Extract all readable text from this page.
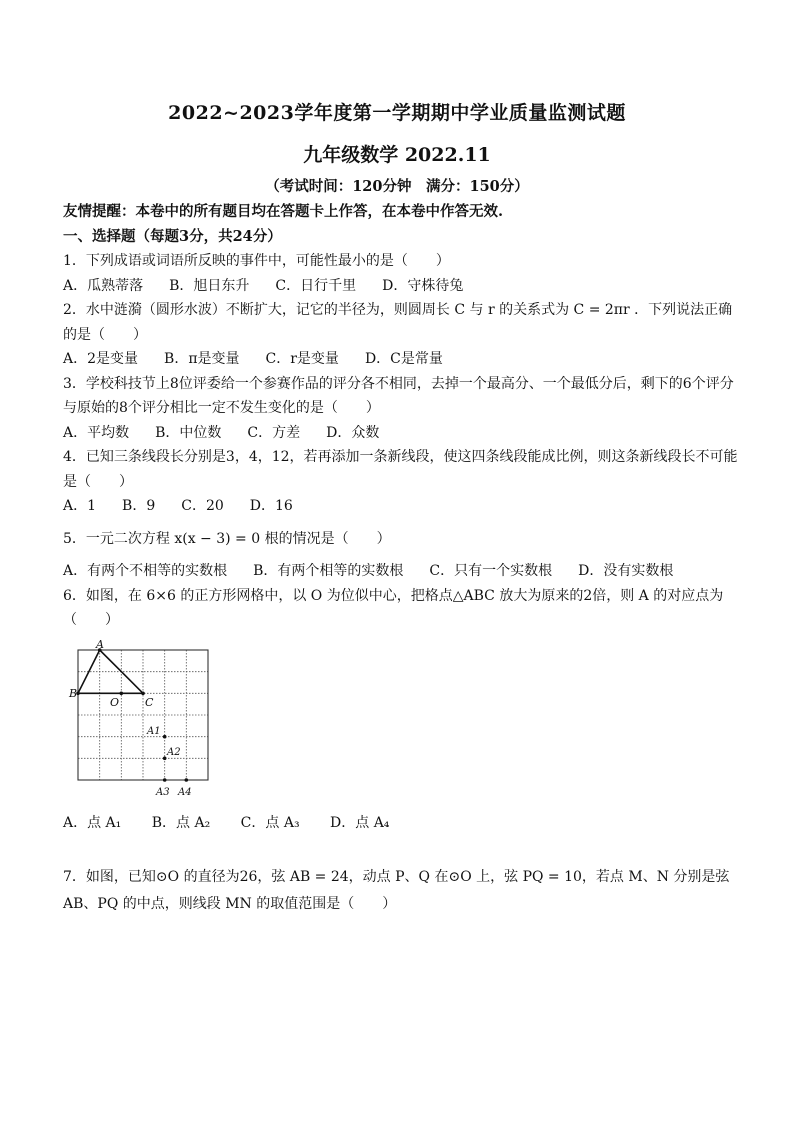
2022~2023学年度第一学期期中学业质量监测试题
九年级数学 2022.11
（考试时间：120分钟　满分：150分）

友情提醒：本卷中的所有题目均在答题卡上作答，在本卷中作答无效.

一、选择题（每题3分，共24分）

1．下列成语或词语所反映的事件中，可能性最小的是（　　）

A．瓜熟蒂落 B．旭日东升 C．日行千里 D．守株待兔

2．水中涟漪（圆形水波）不断扩大，记它的半径为，则圆周长 C 与 r 的关系式为 C = 2πr ．下列说法正确的是（　　）

A．2是变量 B．π是变量 C．r是变量 D．C是常量

3．学校科技节上8位评委给一个参赛作品的评分各不相同，去掉一个最高分、一个最低分后，剩下的6个评分与原始的8个评分相比一定不发生变化的是（　　）

A．平均数 B．中位数 C．方差 D．众数

4．已知三条线段长分别是3，4，12，若再添加一条新线段，使这四条线段能成比例，则这条新线段长不可能是（　　）

A．1 B．9 C．20 D．16

5．一元二次方程 x(x − 3) = 0 根的情况是（　　）

A．有两个不相等的实数根 B．有两个相等的实数根 C．只有一个实数根 D．没有实数根

6．如图，在 6×6 的正方形网格中，以 O 为位似中心，把格点△ABC 放大为原来的2倍，则 A 的对应点为（　　）

A
B
O C
A1
A2
A3 A4
A．点 A₁ B．点 A₂ C．点 A₃ D．点 A₄

7．如图，已知⊙O 的直径为26，弦 AB = 24，动点 P、Q 在⊙O 上，弦 PQ = 10，若点 M、N 分别是弦 AB、PQ 的中点，则线段 MN 的取值范围是（　　）
